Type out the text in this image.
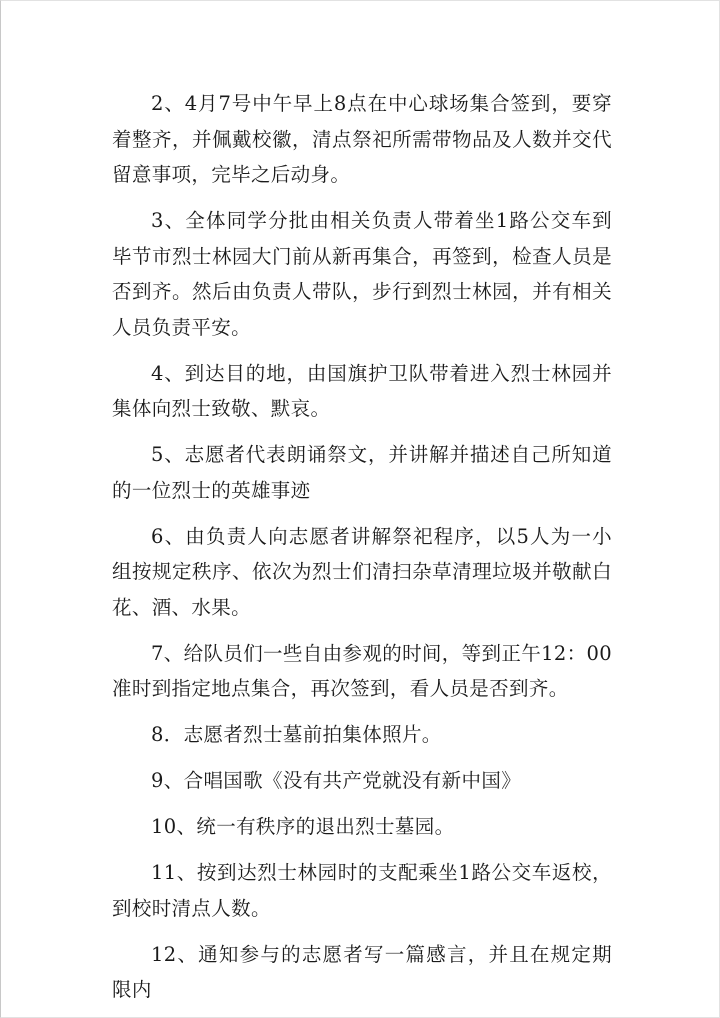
2、4月7号中午早上8点在中心球场集合签到，要穿着整齐，并佩戴校徽，清点祭祀所需带物品及人数并交代留意事项，完毕之后动身。

3、全体同学分批由相关负责人带着坐1路公交车到毕节市烈士林园大门前从新再集合，再签到，检查人员是否到齐。然后由负责人带队，步行到烈士林园，并有相关人员负责平安。

4、到达目的地，由国旗护卫队带着进入烈士林园并集体向烈士致敬、默哀。

5、志愿者代表朗诵祭文，并讲解并描述自己所知道的一位烈士的英雄事迹

6、由负责人向志愿者讲解祭祀程序，以5人为一小组按规定秩序、依次为烈士们清扫杂草清理垃圾并敬献白花、酒、水果。

7、给队员们一些自由参观的时间，等到正午12：00准时到指定地点集合，再次签到，看人员是否到齐。

8．志愿者烈士墓前拍集体照片。

9、合唱国歌《没有共产党就没有新中国》

10、统一有秩序的退出烈士墓园。

11、按到达烈士林园时的支配乘坐1路公交车返校，到校时清点人数。

12、通知参与的志愿者写一篇感言，并且在规定期限内
